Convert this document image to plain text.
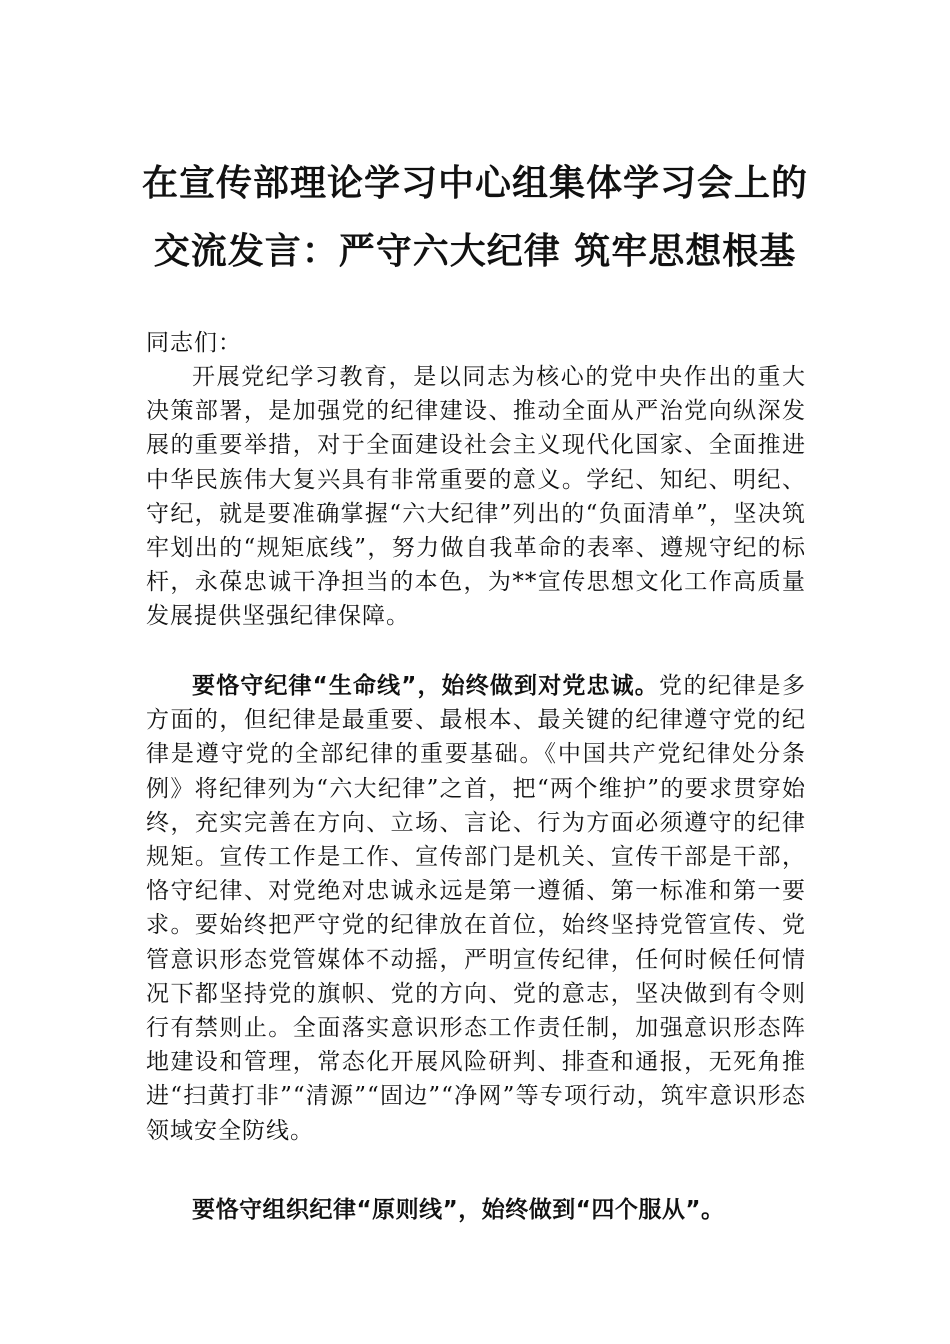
在宣传部理论学习中心组集体学习会上的
交流发言：严守六大纪律 筑牢思想根基
同志们：
开展党纪学习教育，是以同志为核心的党中央作出的重大决策部署，是加强党的纪律建设、推动全面从严治党向纵深发展的重要举措，对于全面建设社会主义现代化国家、全面推进中华民族伟大复兴具有非常重要的意义。学纪、知纪、明纪、守纪，就是要准确掌握“六大纪律”列出的“负面清单”，坚决筑牢划出的“规矩底线”，努力做自我革命的表率、遵规守纪的标杆，永葆忠诚干净担当的本色，为**宣传思想文化工作高质量发展提供坚强纪律保障。
要恪守纪律“生命线”，始终做到对党忠诚。党的纪律是多方面的，但纪律是最重要、最根本、最关键的纪律遵守党的纪律是遵守党的全部纪律的重要基础。《中国共产党纪律处分条例》将纪律列为“六大纪律”之首，把“两个维护”的要求贯穿始终，充实完善在方向、立场、言论、行为方面必须遵守的纪律规矩。宣传工作是工作、宣传部门是机关、宣传干部是干部，恪守纪律、对党绝对忠诚永远是第一遵循、第一标准和第一要求。要始终把严守党的纪律放在首位，始终坚持党管宣传、党管意识形态党管媒体不动摇，严明宣传纪律，任何时候任何情况下都坚持党的旗帜、党的方向、党的意志，坚决做到有令则行有禁则止。全面落实意识形态工作责任制，加强意识形态阵地建设和管理，常态化开展风险研判、排查和通报，无死角推进“扫黄打非”“清源”“固边”“净网”等专项行动，筑牢意识形态领域安全防线。
要恪守组织纪律“原则线”，始终做到“四个服从”。
